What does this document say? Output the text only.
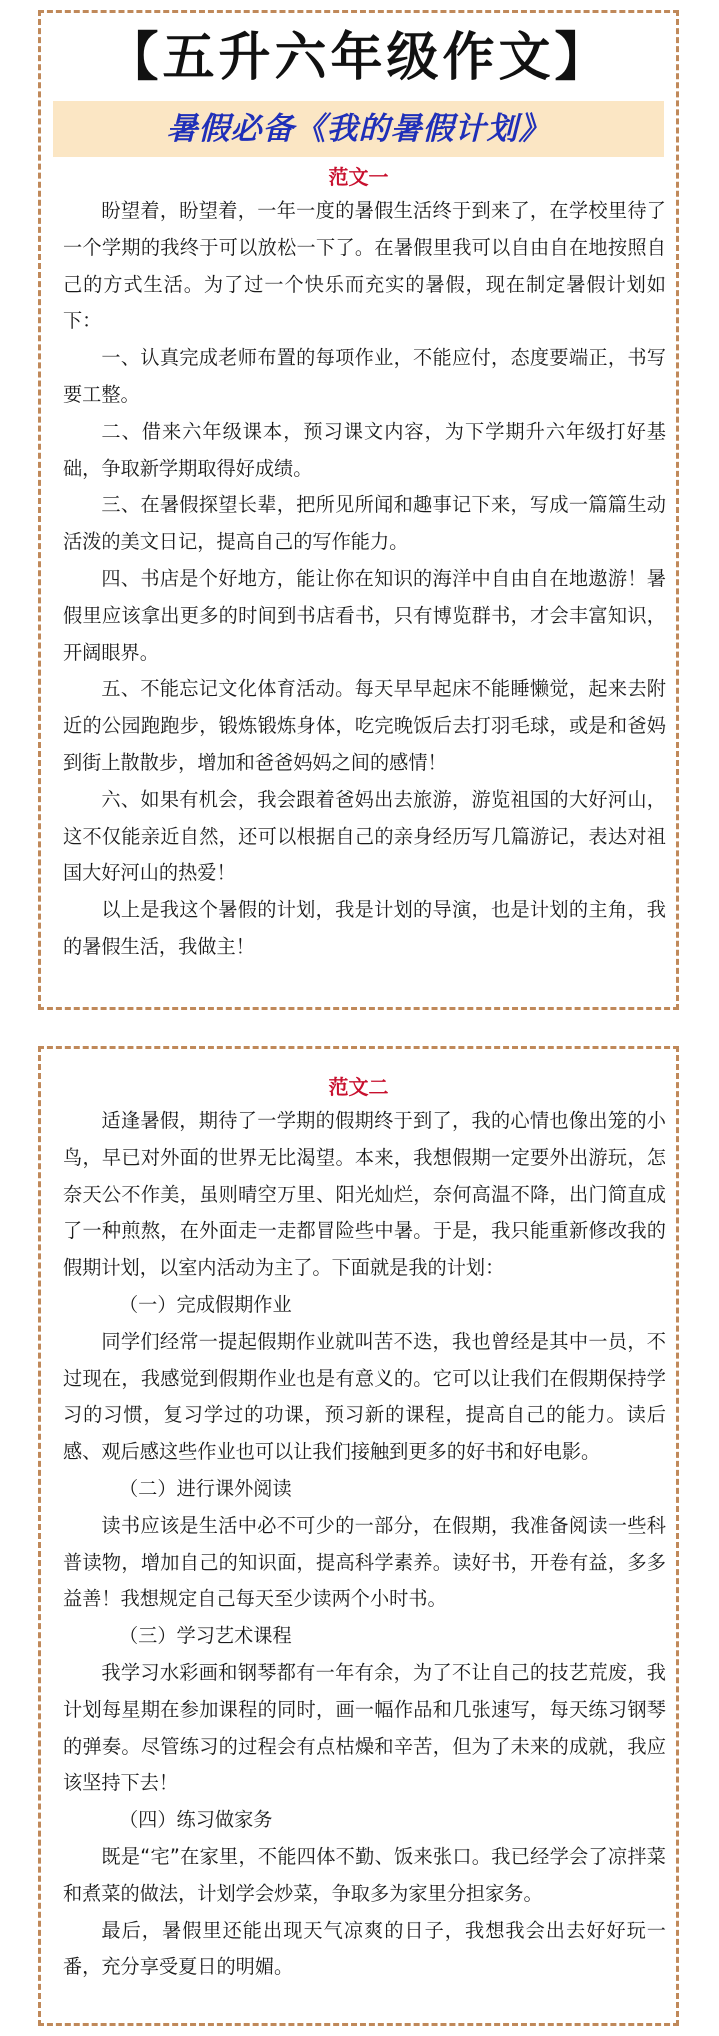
【五升六年级作文】
暑假必备《我的暑假计划》
范文一

盼望着，盼望着，一年一度的暑假生活终于到来了，在学校里待了一个学期的我终于可以放松一下了。在暑假里我可以自由自在地按照自己的方式生活。为了过一个快乐而充实的暑假，现在制定暑假计划如下：

一、认真完成老师布置的每项作业，不能应付，态度要端正，书写要工整。

二、借来六年级课本，预习课文内容，为下学期升六年级打好基础，争取新学期取得好成绩。

三、在暑假探望长辈，把所见所闻和趣事记下来，写成一篇篇生动活泼的美文日记，提高自己的写作能力。

四、书店是个好地方，能让你在知识的海洋中自由自在地遨游！暑假里应该拿出更多的时间到书店看书，只有博览群书，才会丰富知识，开阔眼界。

五、不能忘记文化体育活动。每天早早起床不能睡懒觉，起来去附近的公园跑跑步，锻炼锻炼身体，吃完晚饭后去打羽毛球，或是和爸妈到街上散散步，增加和爸爸妈妈之间的感情！

六、如果有机会，我会跟着爸妈出去旅游，游览祖国的大好河山，这不仅能亲近自然，还可以根据自己的亲身经历写几篇游记，表达对祖国大好河山的热爱！

以上是我这个暑假的计划，我是计划的导演，也是计划的主角，我的暑假生活，我做主！

范文二

适逢暑假，期待了一学期的假期终于到了，我的心情也像出笼的小鸟，早已对外面的世界无比渴望。本来，我想假期一定要外出游玩，怎奈天公不作美，虽则晴空万里、阳光灿烂，奈何高温不降，出门简直成了一种煎熬，在外面走一走都冒险些中暑。于是，我只能重新修改我的假期计划，以室内活动为主了。下面就是我的计划：

（一）完成假期作业

同学们经常一提起假期作业就叫苦不迭，我也曾经是其中一员，不过现在，我感觉到假期作业也是有意义的。它可以让我们在假期保持学习的习惯，复习学过的功课，预习新的课程，提高自己的能力。读后感、观后感这些作业也可以让我们接触到更多的好书和好电影。

（二）进行课外阅读

读书应该是生活中必不可少的一部分，在假期，我准备阅读一些科普读物，增加自己的知识面，提高科学素养。读好书，开卷有益，多多益善！我想规定自己每天至少读两个小时书。

（三）学习艺术课程

我学习水彩画和钢琴都有一年有余，为了不让自己的技艺荒废，我计划每星期在参加课程的同时，画一幅作品和几张速写，每天练习钢琴的弹奏。尽管练习的过程会有点枯燥和辛苦，但为了未来的成就，我应该坚持下去！

（四）练习做家务

既是“宅”在家里，不能四体不勤、饭来张口。我已经学会了凉拌菜和煮菜的做法，计划学会炒菜，争取多为家里分担家务。

最后，暑假里还能出现天气凉爽的日子，我想我会出去好好玩一番，充分享受夏日的明媚。
